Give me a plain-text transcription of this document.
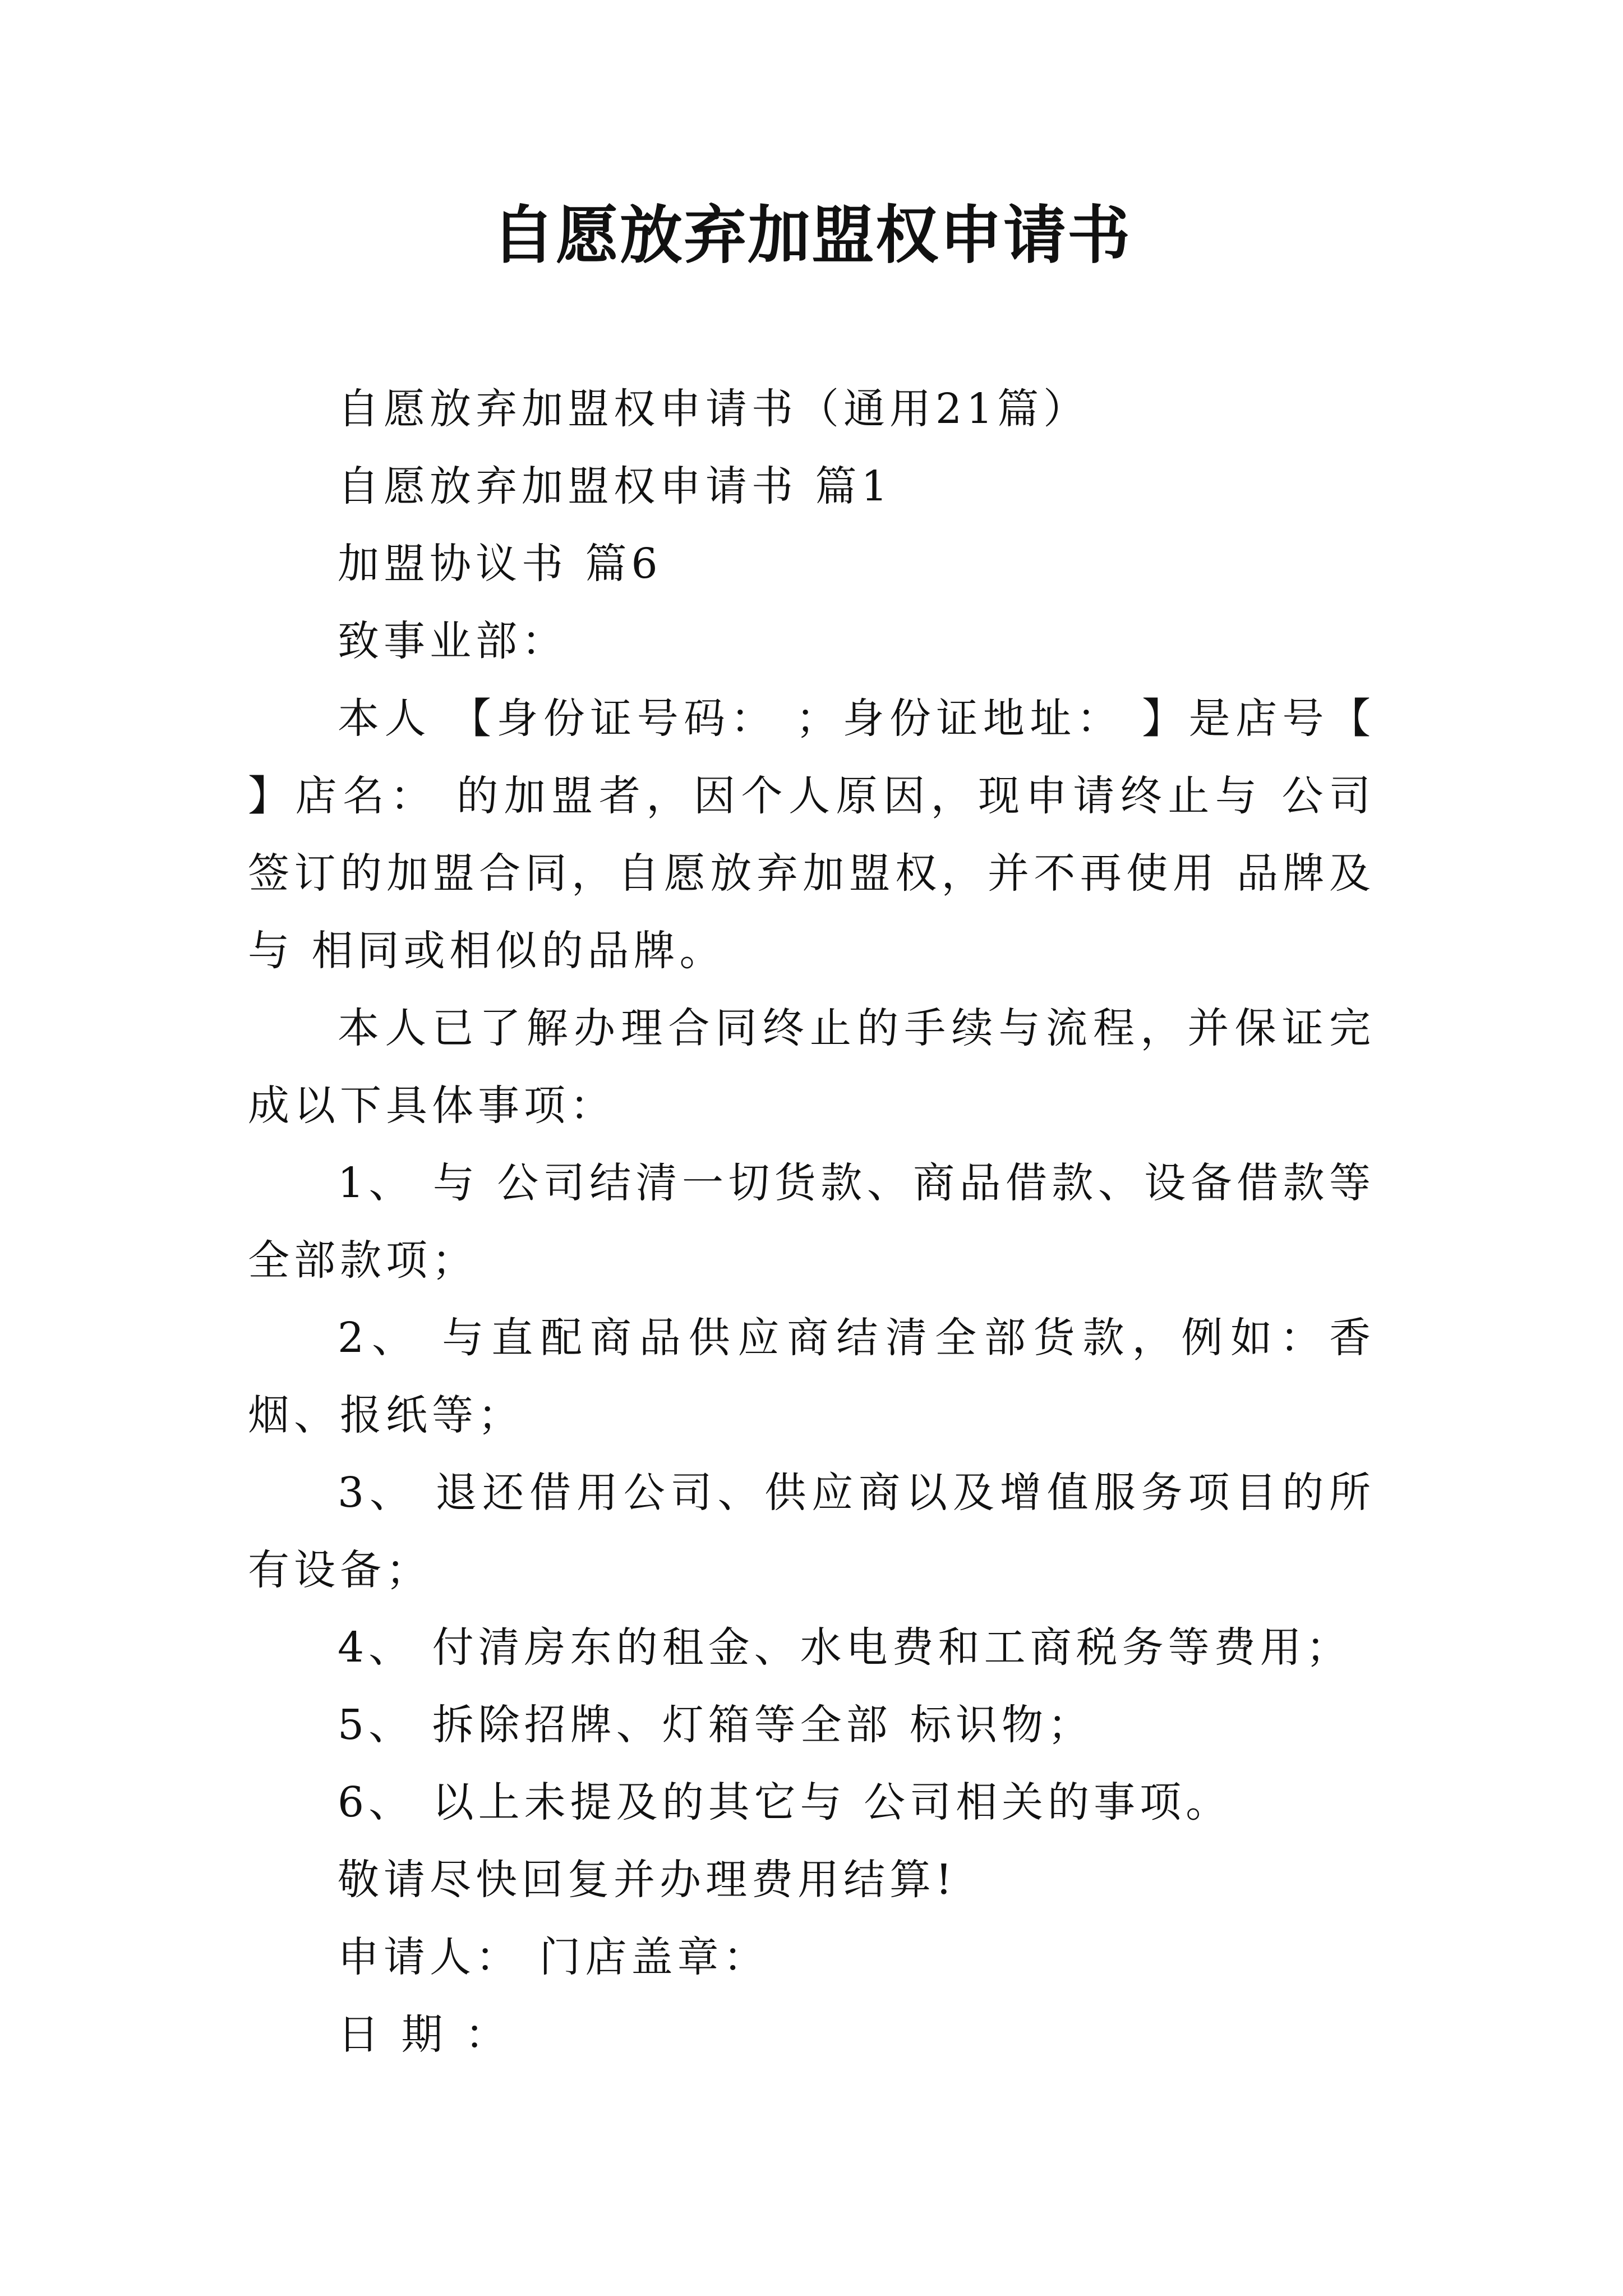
自愿放弃加盟权申请书

自愿放弃加盟权申请书（通用21篇）

自愿放弃加盟权申请书 篇1

加盟协议书 篇6

致事业部：

本人 【身份证号码： ；身份证地址： 】是店号【 】店名： 的加盟者，因个人原因，现申请终止与 公司签订的加盟合同，自愿放弃加盟权，并不再使用 品牌及与 相同或相似的品牌。

本人已了解办理合同终止的手续与流程，并保证完成以下具体事项：

1、 与 公司结清一切货款、商品借款、设备借款等全部款项；

2、 与直配商品供应商结清全部货款，例如：香烟、报纸等；

3、 退还借用公司、供应商以及增值服务项目的所有设备；

4、 付清房东的租金、水电费和工商税务等费用；

5、 拆除招牌、灯箱等全部 标识物；

6、 以上未提及的其它与 公司相关的事项。

敬请尽快回复并办理费用结算!

申请人： 门店盖章：

日 期 ：
